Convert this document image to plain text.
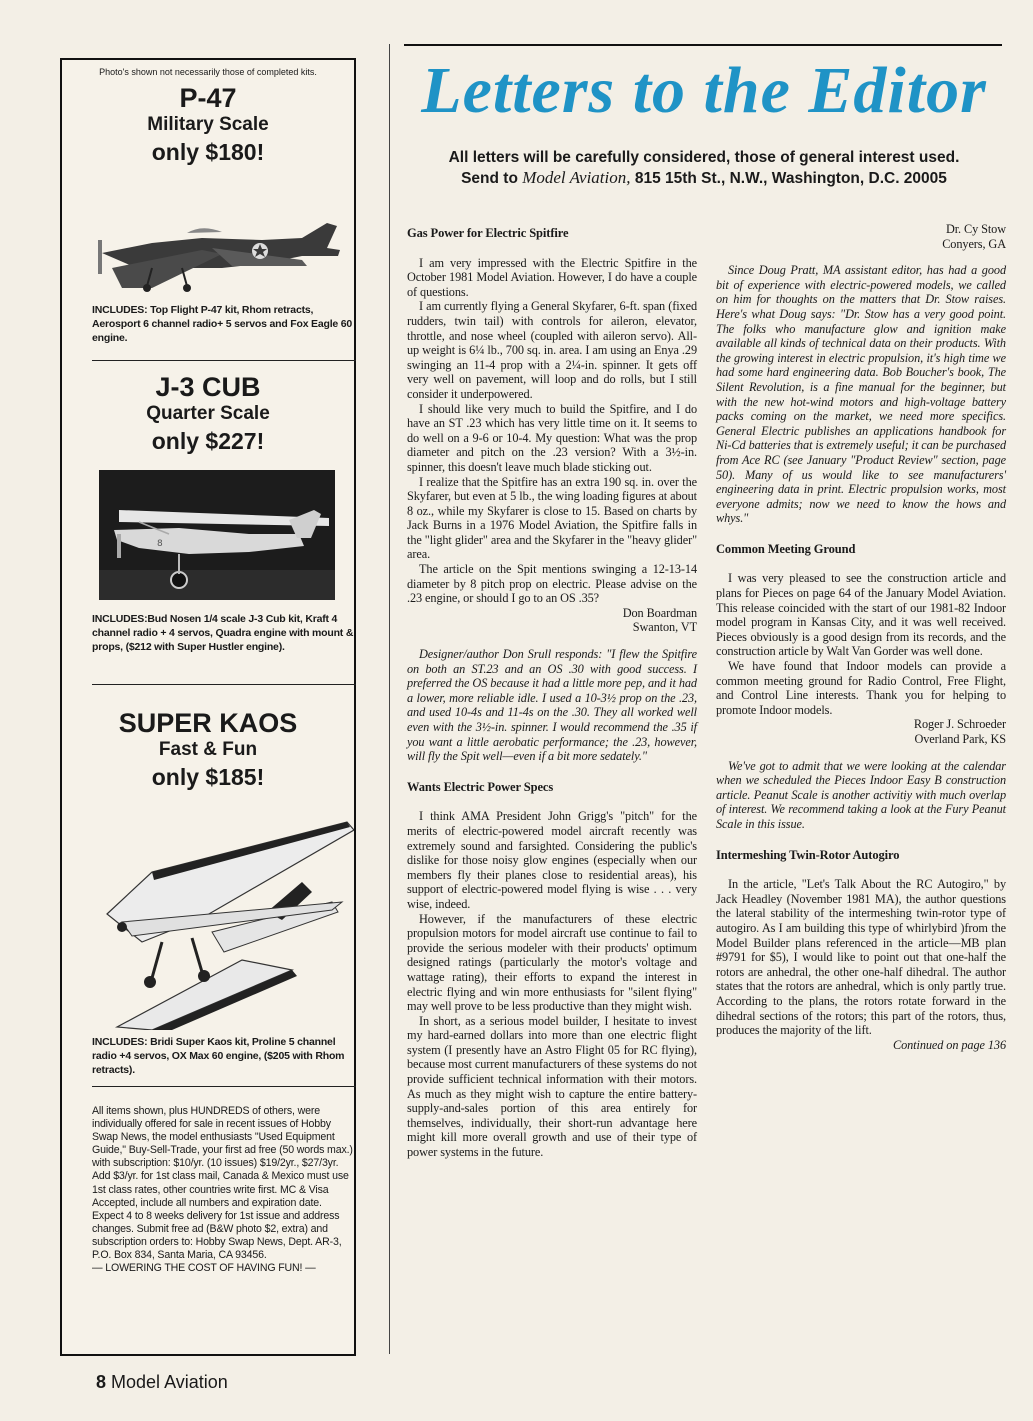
Photo's shown not necessarily those of completed kits.
P-47
Military Scale
only $180!
INCLUDES: Top Flight P-47 kit, Rhom retracts, Aerosport 6 channel radio+ 5 servos and Fox Eagle 60 engine.
J-3 CUB
Quarter Scale
only $227!
8
INCLUDES:Bud Nosen 1/4 scale J-3 Cub kit, Kraft 4 channel radio + 4 servos, Quadra engine with mount & props, ($212 with Super Hustler engine).
SUPER KAOS
Fast & Fun
only $185!
INCLUDES: Bridi Super Kaos kit, Proline 5 channel radio +4 servos, OX Max 60 engine, ($205 with Rhom retracts).
All items shown, plus HUNDREDS of others, were individually offered for sale in recent issues of Hobby Swap News, the model enthusiasts "Used Equipment Guide," Buy-Sell-Trade, your first ad free (50 words max.) with subscription: $10/yr. (10 issues) $19/2yr., $27/3yr. Add $3/yr. for 1st class mail, Canada & Mexico must use 1st class rates, other countries write first. MC & Visa Accepted, include all numbers and expiration date. Expect 4 to 8 weeks delivery for 1st issue and address changes. Submit free ad (B&W photo $2, extra) and subscription orders to: Hobby Swap News, Dept. AR-3, P.O. Box 834, Santa Maria, CA 93456.
— LOWERING THE COST OF HAVING FUN! —
Letters to the Editor
All letters will be carefully considered, those of general interest used.
Send to Model Aviation, 815 15th St., N.W., Washington, D.C. 20005
Gas Power for Electric Spitfire

I am very impressed with the Electric Spitfire in the October 1981 Model Aviation. However, I do have a couple of questions.

I am currently flying a General Skyfarer, 6-ft. span (fixed rudders, twin tail) with controls for aileron, elevator, throttle, and nose wheel (coupled with aileron servo). All-up weight is 6¼ lb., 700 sq. in. area. I am using an Enya .29 swinging an 11-4 prop with a 2¼-in. spinner. It gets off very well on pavement, will loop and do rolls, but I still consider it underpowered.

I should like very much to build the Spitfire, and I do have an ST .23 which has very little time on it. It seems to do well on a 9-6 or 10-4. My question: What was the prop diameter and pitch on the .23 version? With a 3½-in. spinner, this doesn't leave much blade sticking out.

I realize that the Spitfire has an extra 190 sq. in. over the Skyfarer, but even at 5 lb., the wing loading figures at about 8 oz., while my Skyfarer is close to 15. Based on charts by Jack Burns in a 1976 Model Aviation, the Spitfire falls in the "light glider" area and the Skyfarer in the "heavy glider" area.

The article on the Spit mentions swinging a 12-13-14 diameter by 8 pitch prop on electric. Please advise on the .23 engine, or should I go to an OS .35?

Don Boardman

Swanton, VT

Designer/author Don Srull responds: "I flew the Spitfire on both an ST.23 and an OS .30 with good success. I preferred the OS because it had a little more pep, and it had a lower, more reliable idle. I used a 10-3½ prop on the .23, and used 10-4s and 11-4s on the .30. They all worked well even with the 3½-in. spinner. I would recommend the .35 if you want a little aerobatic performance; the .23, however, will fly the Spit well—even if a bit more sedately."

Wants Electric Power Specs

I think AMA President John Grigg's "pitch" for the merits of electric-powered model aircraft recently was extremely sound and farsighted. Considering the public's dislike for those noisy glow engines (especially when our members fly their planes close to residential areas), his support of electric-powered model flying is wise . . . very wise, indeed.

However, if the manufacturers of these electric propulsion motors for model aircraft use continue to fail to provide the serious modeler with their products' optimum designed ratings (particularly the motor's voltage and wattage rating), their efforts to expand the interest in electric flying and win more enthusiasts for "silent flying" may well prove to be less productive than they might wish.

In short, as a serious model builder, I hesitate to invest my hard-earned dollars into more than one electric flight system (I presently have an Astro Flight 05 for RC flying), because most current manufacturers of these systems do not provide sufficient technical information with their motors. As much as they might wish to capture the entire battery-supply-and-sales portion of this area entirely for themselves, individually, their short-run advantage here might kill more overall growth and use of their type of power systems in the future.

Dr. Cy Stow

Conyers, GA

Since Doug Pratt, MA assistant editor, has had a good bit of experience with electric-powered models, we called on him for thoughts on the matters that Dr. Stow raises. Here's what Doug says: "Dr. Stow has a very good point. The folks who manufacture glow and ignition make available all kinds of technical data on their products. With the growing interest in electric propulsion, it's high time we had some hard engineering data. Bob Boucher's book, The Silent Revolution, is a fine manual for the beginner, but with the new hot-wind motors and high-voltage battery packs coming on the market, we need more specifics. General Electric publishes an applications handbook for Ni-Cd batteries that is extremely useful; it can be purchased from Ace RC (see January "Product Review" section, page 50). Many of us would like to see manufacturers' engineering data in print. Electric propulsion works, most everyone admits; now we need to know the hows and whys."

Common Meeting Ground

I was very pleased to see the construction article and plans for Pieces on page 64 of the January Model Aviation. This release coincided with the start of our 1981-82 Indoor model program in Kansas City, and it was well received. Pieces obviously is a good design from its records, and the construction article by Walt Van Gorder was well done.

We have found that Indoor models can provide a common meeting ground for Radio Control, Free Flight, and Control Line interests. Thank you for helping to promote Indoor models.

Roger J. Schroeder

Overland Park, KS

We've got to admit that we were looking at the calendar when we scheduled the Pieces Indoor Easy B construction article. Peanut Scale is another activitiy with much overlap of interest. We recommend taking a look at the Fury Peanut Scale in this issue.

Intermeshing Twin-Rotor Autogiro

In the article, "Let's Talk About the RC Autogiro," by Jack Headley (November 1981 MA), the author questions the lateral stability of the intermeshing twin-rotor type of autogiro. As I am building this type of whirlybird )from the Model Builder plans referenced in the article—MB plan #9791 for $5), I would like to point out that one-half the rotors are anhedral, the other one-half dihedral. The author states that the rotors are anhedral, which is only partly true. According to the plans, the rotors rotate forward in the dihedral sections of the rotors; this part of the rotors, thus, produces the majority of the lift.

Continued on page 136

8 Model Aviation
